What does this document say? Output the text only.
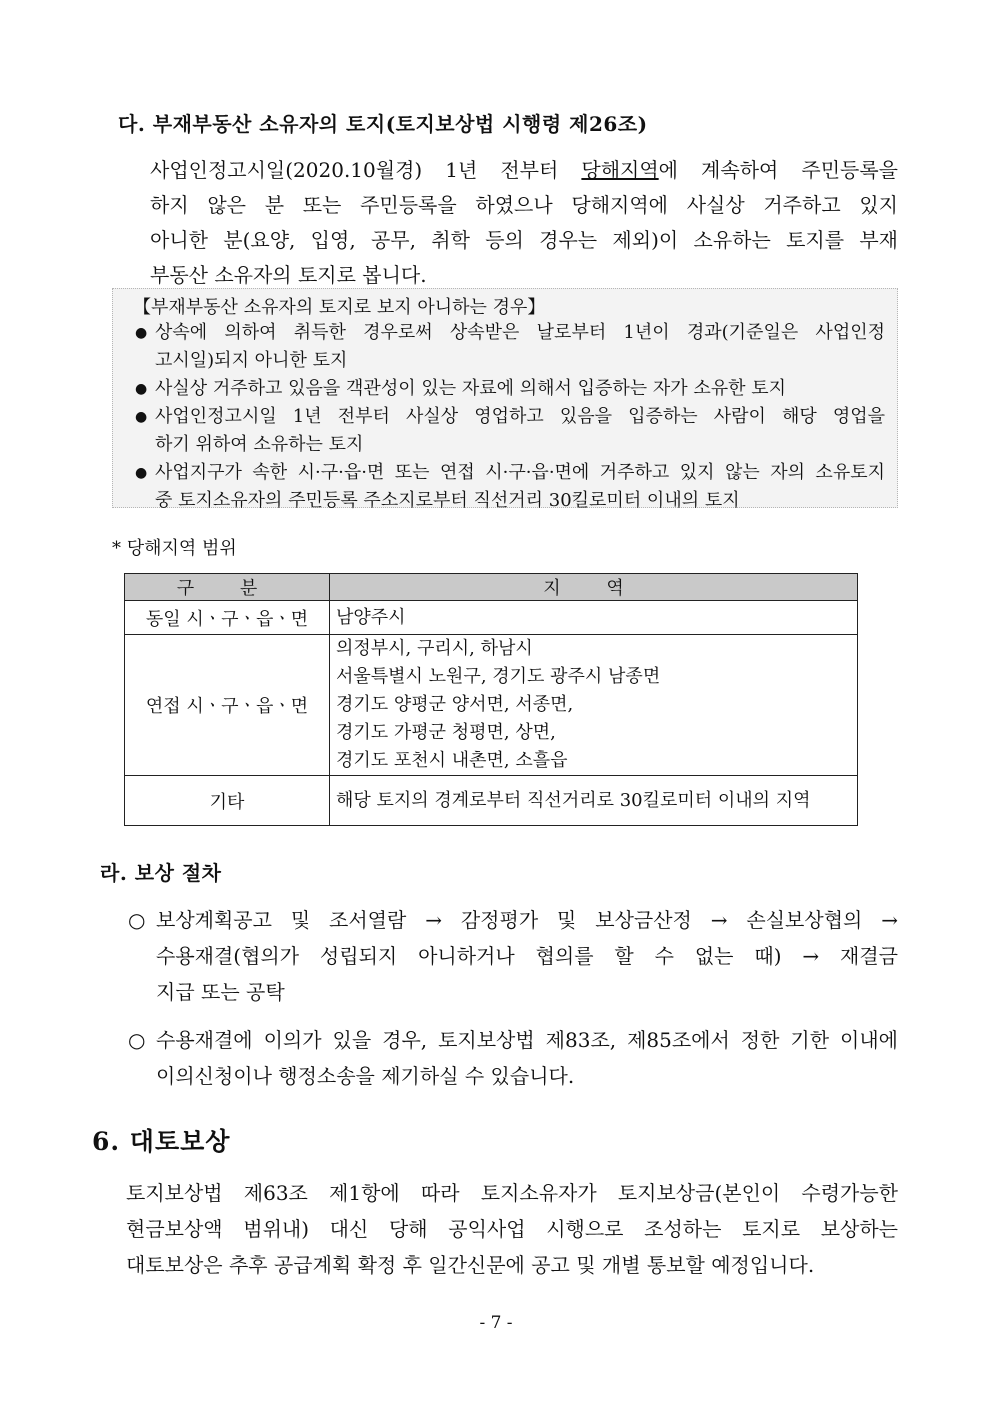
다. 부재부동산 소유자의 토지(토지보상법 시행령 제26조)
사업인정고시일(2020.10월경) 1년 전부터 당해지역에 계속하여 주민등록을
하지 않은 분 또는 주민등록을 하였으나 당해지역에 사실상 거주하고 있지
아니한 분(요양, 입영, 공무, 취학 등의 경우는 제외)이 소유하는 토지를 부재
부동산 소유자의 토지로 봅니다.
【부재부동산 소유자의 토지로 보지 아니하는 경우】
● 상속에 의하여 취득한 경우로써 상속받은 날로부터 1년이 경과(기준일은 사업인정
고시일)되지 아니한 토지
● 사실상 거주하고 있음을 객관성이 있는 자료에 의해서 입증하는 자가 소유한 토지
● 사업인정고시일 1년 전부터 사실상 영업하고 있음을 입증하는 사람이 해당 영업을
하기 위하여 소유하는 토지
● 사업지구가 속한 시·구·읍·면 또는 연접 시·구·읍·면에 거주하고 있지 않는 자의 소유토지
중 토지소유자의 주민등록 주소지로부터 직선거리 30킬로미터 이내의 토지
* 당해지역 범위
구 분	지 역
동일 시ㆍ구ㆍ읍ㆍ면	남양주시

연접 시ㆍ구ㆍ읍ㆍ면	의정부시, 구리시, 하남시
서울특별시 노원구, 경기도 광주시 남종면
경기도 양평군 양서면, 서종면,
경기도 가평군 청평면, 상면,
경기도 포천시 내촌면, 소흘읍

기타	해당 토지의 경계로부터 직선거리로 30킬로미터 이내의 지역
라. 보상 절차
○ 보상계획공고 및 조서열람 → 감정평가 및 보상금산정 → 손실보상협의 →
수용재결(협의가 성립되지 아니하거나 협의를 할 수 없는 때) → 재결금
지급 또는 공탁
○ 수용재결에 이의가 있을 경우, 토지보상법 제83조, 제85조에서 정한 기한 이내에
이의신청이나 행정소송을 제기하실 수 있습니다.
6. 대토보상
토지보상법 제63조 제1항에 따라 토지소유자가 토지보상금(본인이 수령가능한
현금보상액 범위내) 대신 당해 공익사업 시행으로 조성하는 토지로 보상하는
대토보상은 추후 공급계획 확정 후 일간신문에 공고 및 개별 통보할 예정입니다.
- 7 -
